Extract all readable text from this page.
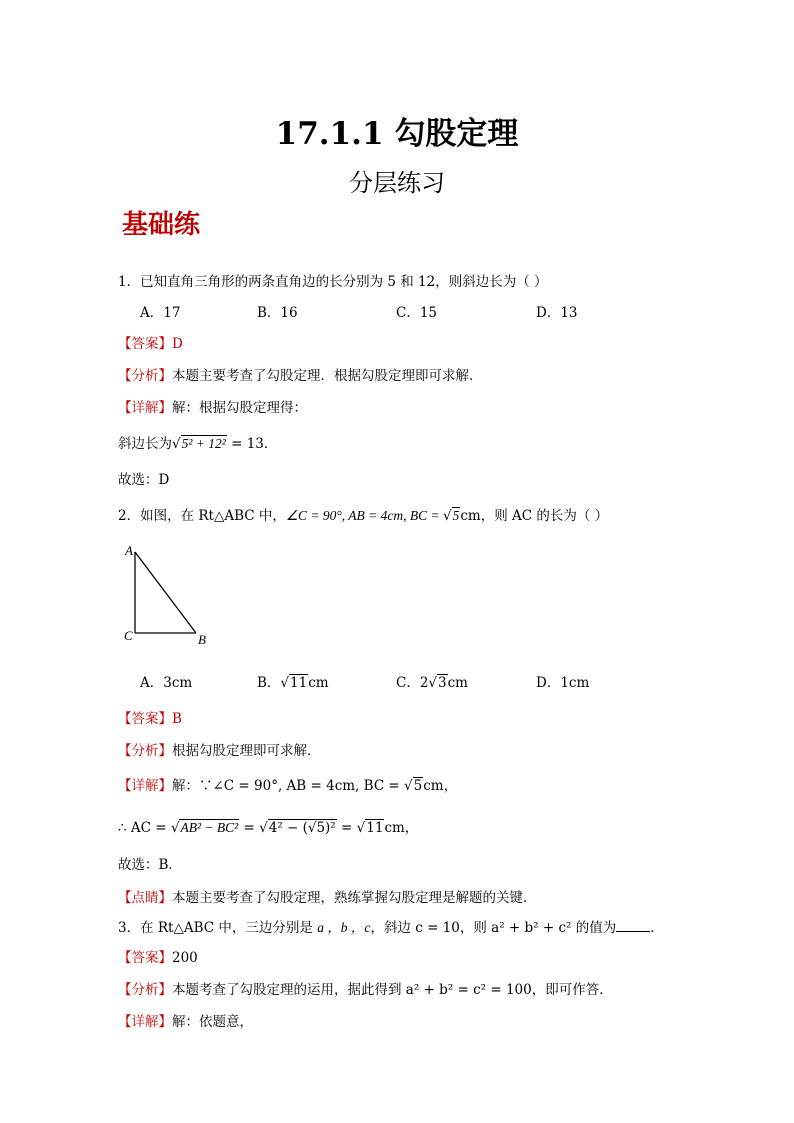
17.1.1 勾股定理
分层练习
基础练
1．已知直角三角形的两条直角边的长分别为 5 和 12，则斜边长为（ ）
A．17	B．16	C．15	D．13
【答案】D
【分析】本题主要考查了勾股定理．根据勾股定理即可求解．
【详解】解：根据勾股定理得：
斜边长为√5² + 12² = 13．
故选：D
2．如图，在 Rt△ABC 中，∠C = 90°, AB = 4cm, BC = √5cm，则 AC 的长为（ ）
A
C	B
A．3cm	B．√11cm	C．2√3cm	D．1cm
【答案】B
【分析】根据勾股定理即可求解．
【详解】解：∵∠C = 90°, AB = 4cm, BC = √5cm，
∴ AC = √AB² − BC² = √4² − (√5)² = √11cm，
故选：B．
【点睛】本题主要考查了勾股定理，熟练掌握勾股定理是解题的关键．
3．在 Rt△ABC 中，三边分别是 a ，b ，c，斜边 c = 10，则 a² + b² + c² 的值为	．
【答案】200
【分析】本题考查了勾股定理的运用，据此得到 a² + b² = c² = 100，即可作答．
【详解】解：依题意，
